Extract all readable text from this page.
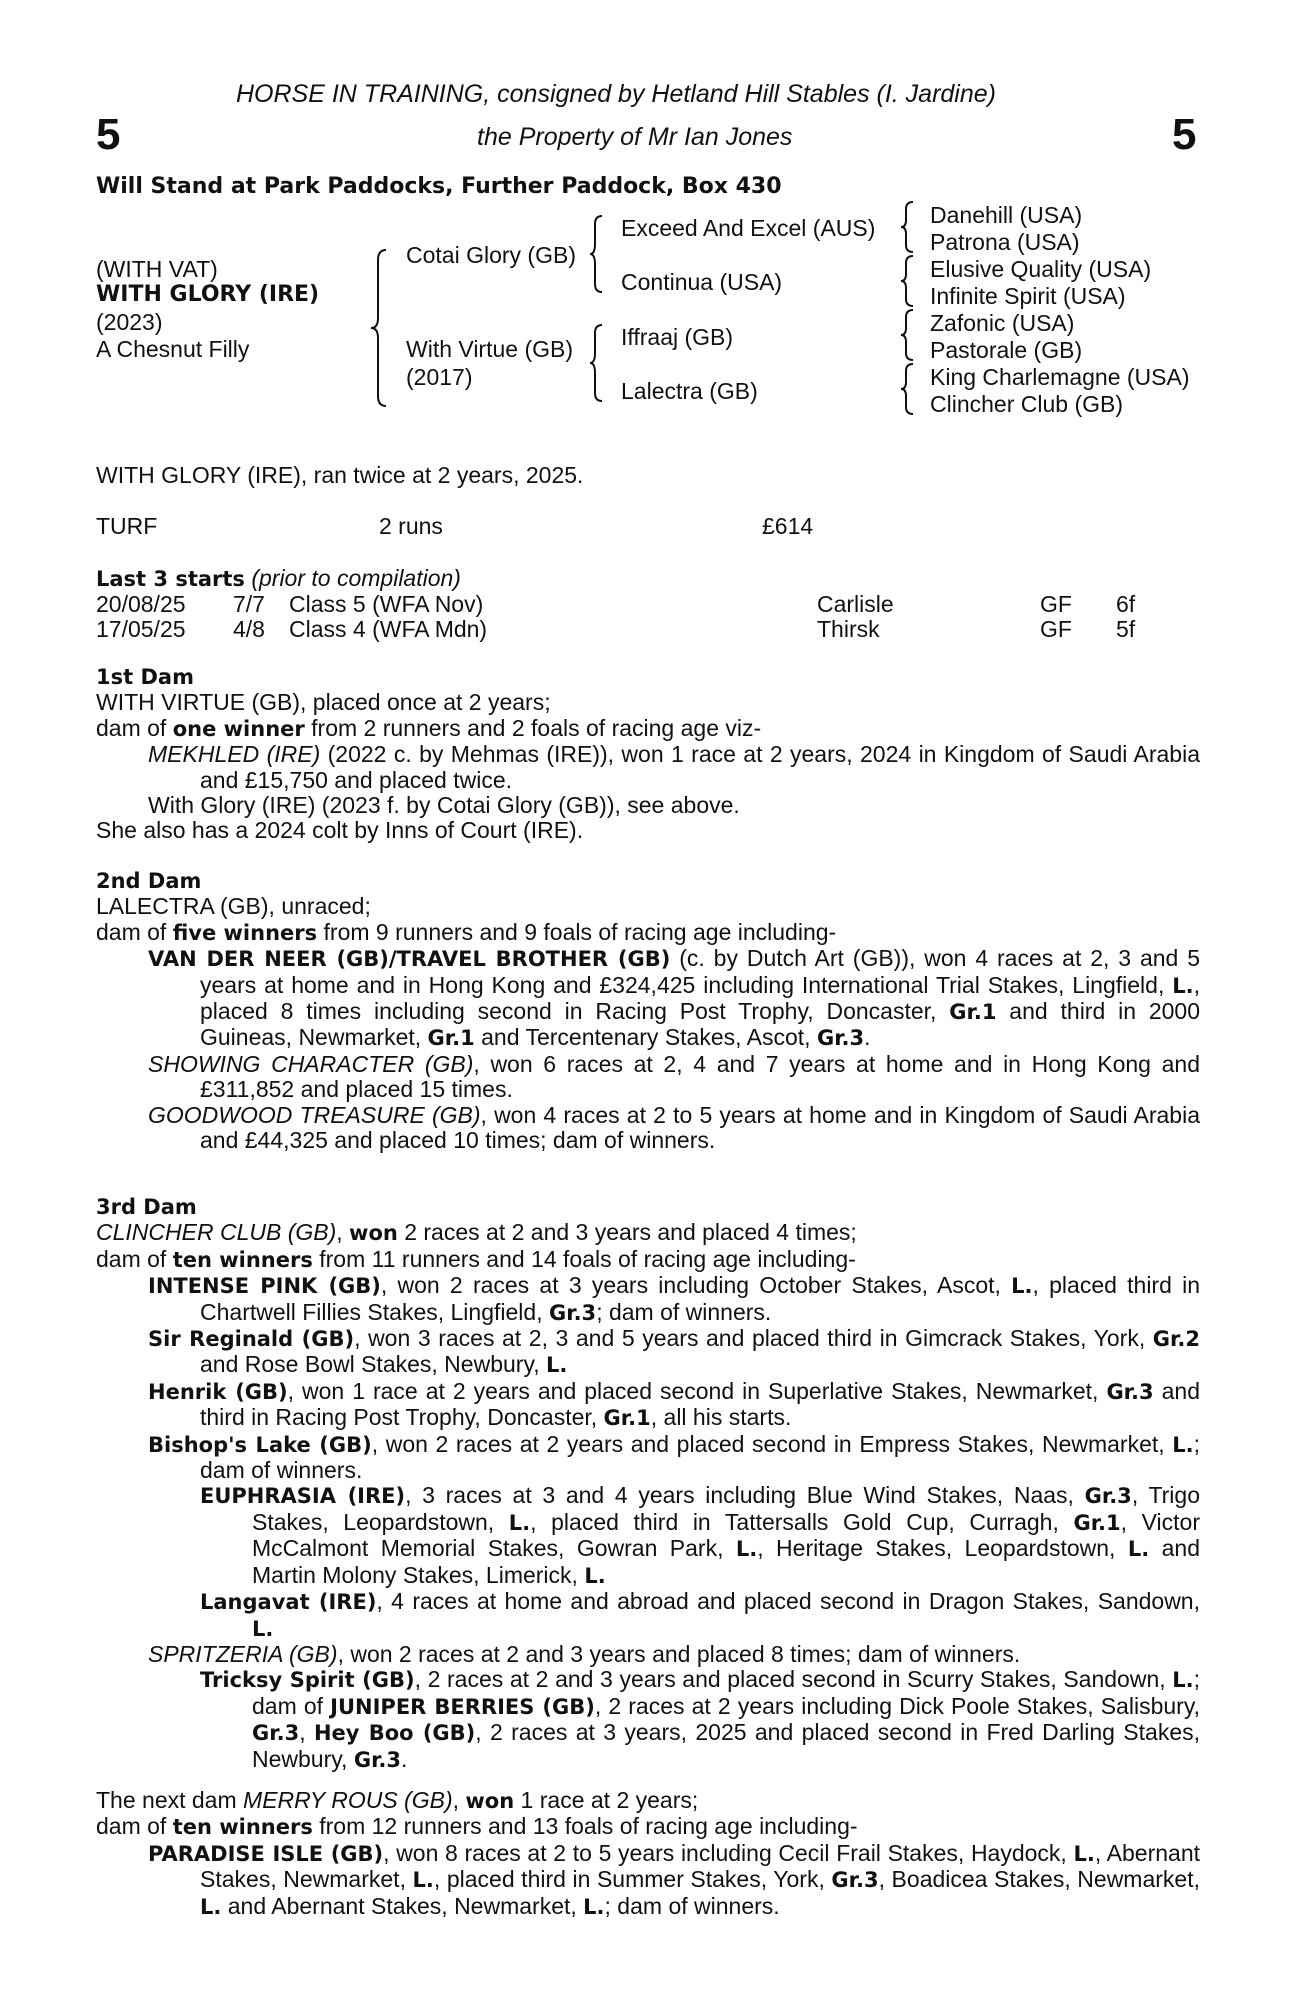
HORSE IN TRAINING, consigned by Hetland Hill Stables (I. Jardine)
the Property of Mr Ian Jones
5	5
Will Stand at Park Paddocks, Further Paddock, Box 430
(WITH VAT)
WITH GLORY (IRE)
(2023)
A Chesnut Filly
Cotai Glory (GB)
With Virtue (GB)
(2017)
Exceed And Excel (AUS)
Continua (USA)
Iffraaj (GB)
Lalectra (GB)
Danehill (USA)
Patrona (USA)
Elusive Quality (USA)
Infinite Spirit (USA)
Zafonic (USA)
Pastorale (GB)
King Charlemagne (USA)
Clincher Club (GB)
WITH GLORY (IRE), ran twice at 2 years, 2025.
TURF	2 runs	£614
Last 3 starts (prior to compilation)
20/08/25 7/7 Class 5 (WFA Nov)	Carlisle	GF 6f
17/05/25 4/8 Class 4 (WFA Mdn)	Thirsk	GF 5f

1st Dam

WITH VIRTUE (GB), placed once at 2 years;

dam of one winner from 2 runners and 2 foals of racing age viz-

MEKHLED (IRE) (2022 c. by Mehmas (IRE)), won 1 race at 2 years, 2024 in Kingdom of Saudi Arabia and £15,750 and placed twice.

With Glory (IRE) (2023 f. by Cotai Glory (GB)), see above.

She also has a 2024 colt by Inns of Court (IRE).

2nd Dam

LALECTRA (GB), unraced;

dam of five winners from 9 runners and 9 foals of racing age including-

VAN DER NEER (GB)/TRAVEL BROTHER (GB) (c. by Dutch Art (GB)), won 4 races at 2, 3 and 5 years at home and in Hong Kong and £324,425 including International Trial Stakes, Lingfield, L., placed 8 times including second in Racing Post Trophy, Doncaster, Gr.1 and third in 2000 Guineas, Newmarket, Gr.1 and Tercentenary Stakes, Ascot, Gr.3.

SHOWING CHARACTER (GB), won 6 races at 2, 4 and 7 years at home and in Hong Kong and £311,852 and placed 15 times.

GOODWOOD TREASURE (GB), won 4 races at 2 to 5 years at home and in Kingdom of Saudi Arabia and £44,325 and placed 10 times; dam of winners.

3rd Dam

CLINCHER CLUB (GB), won 2 races at 2 and 3 years and placed 4 times;

dam of ten winners from 11 runners and 14 foals of racing age including-

INTENSE PINK (GB), won 2 races at 3 years including October Stakes, Ascot, L., placed third in Chartwell Fillies Stakes, Lingfield, Gr.3; dam of winners.

Sir Reginald (GB), won 3 races at 2, 3 and 5 years and placed third in Gimcrack Stakes, York, Gr.2 and Rose Bowl Stakes, Newbury, L.

Henrik (GB), won 1 race at 2 years and placed second in Superlative Stakes, Newmarket, Gr.3 and third in Racing Post Trophy, Doncaster, Gr.1, all his starts.

Bishop's Lake (GB), won 2 races at 2 years and placed second in Empress Stakes, Newmarket, L.; dam of winners.

EUPHRASIA (IRE), 3 races at 3 and 4 years including Blue Wind Stakes, Naas, Gr.3, Trigo Stakes, Leopardstown, L., placed third in Tattersalls Gold Cup, Curragh, Gr.1, Victor McCalmont Memorial Stakes, Gowran Park, L., Heritage Stakes, Leopardstown, L. and Martin Molony Stakes, Limerick, L.

Langavat (IRE), 4 races at home and abroad and placed second in Dragon Stakes, Sandown, L.

SPRITZERIA (GB), won 2 races at 2 and 3 years and placed 8 times; dam of winners.

Tricksy Spirit (GB), 2 races at 2 and 3 years and placed second in Scurry Stakes, Sandown, L.; dam of JUNIPER BERRIES (GB), 2 races at 2 years including Dick Poole Stakes, Salisbury, Gr.3, Hey Boo (GB), 2 races at 3 years, 2025 and placed second in Fred Darling Stakes, Newbury, Gr.3.

The next dam MERRY ROUS (GB), won 1 race at 2 years;

dam of ten winners from 12 runners and 13 foals of racing age including-

PARADISE ISLE (GB), won 8 races at 2 to 5 years including Cecil Frail Stakes, Haydock, L., Abernant Stakes, Newmarket, L., placed third in Summer Stakes, York, Gr.3, Boadicea Stakes, Newmarket, L. and Abernant Stakes, Newmarket, L.; dam of winners.
